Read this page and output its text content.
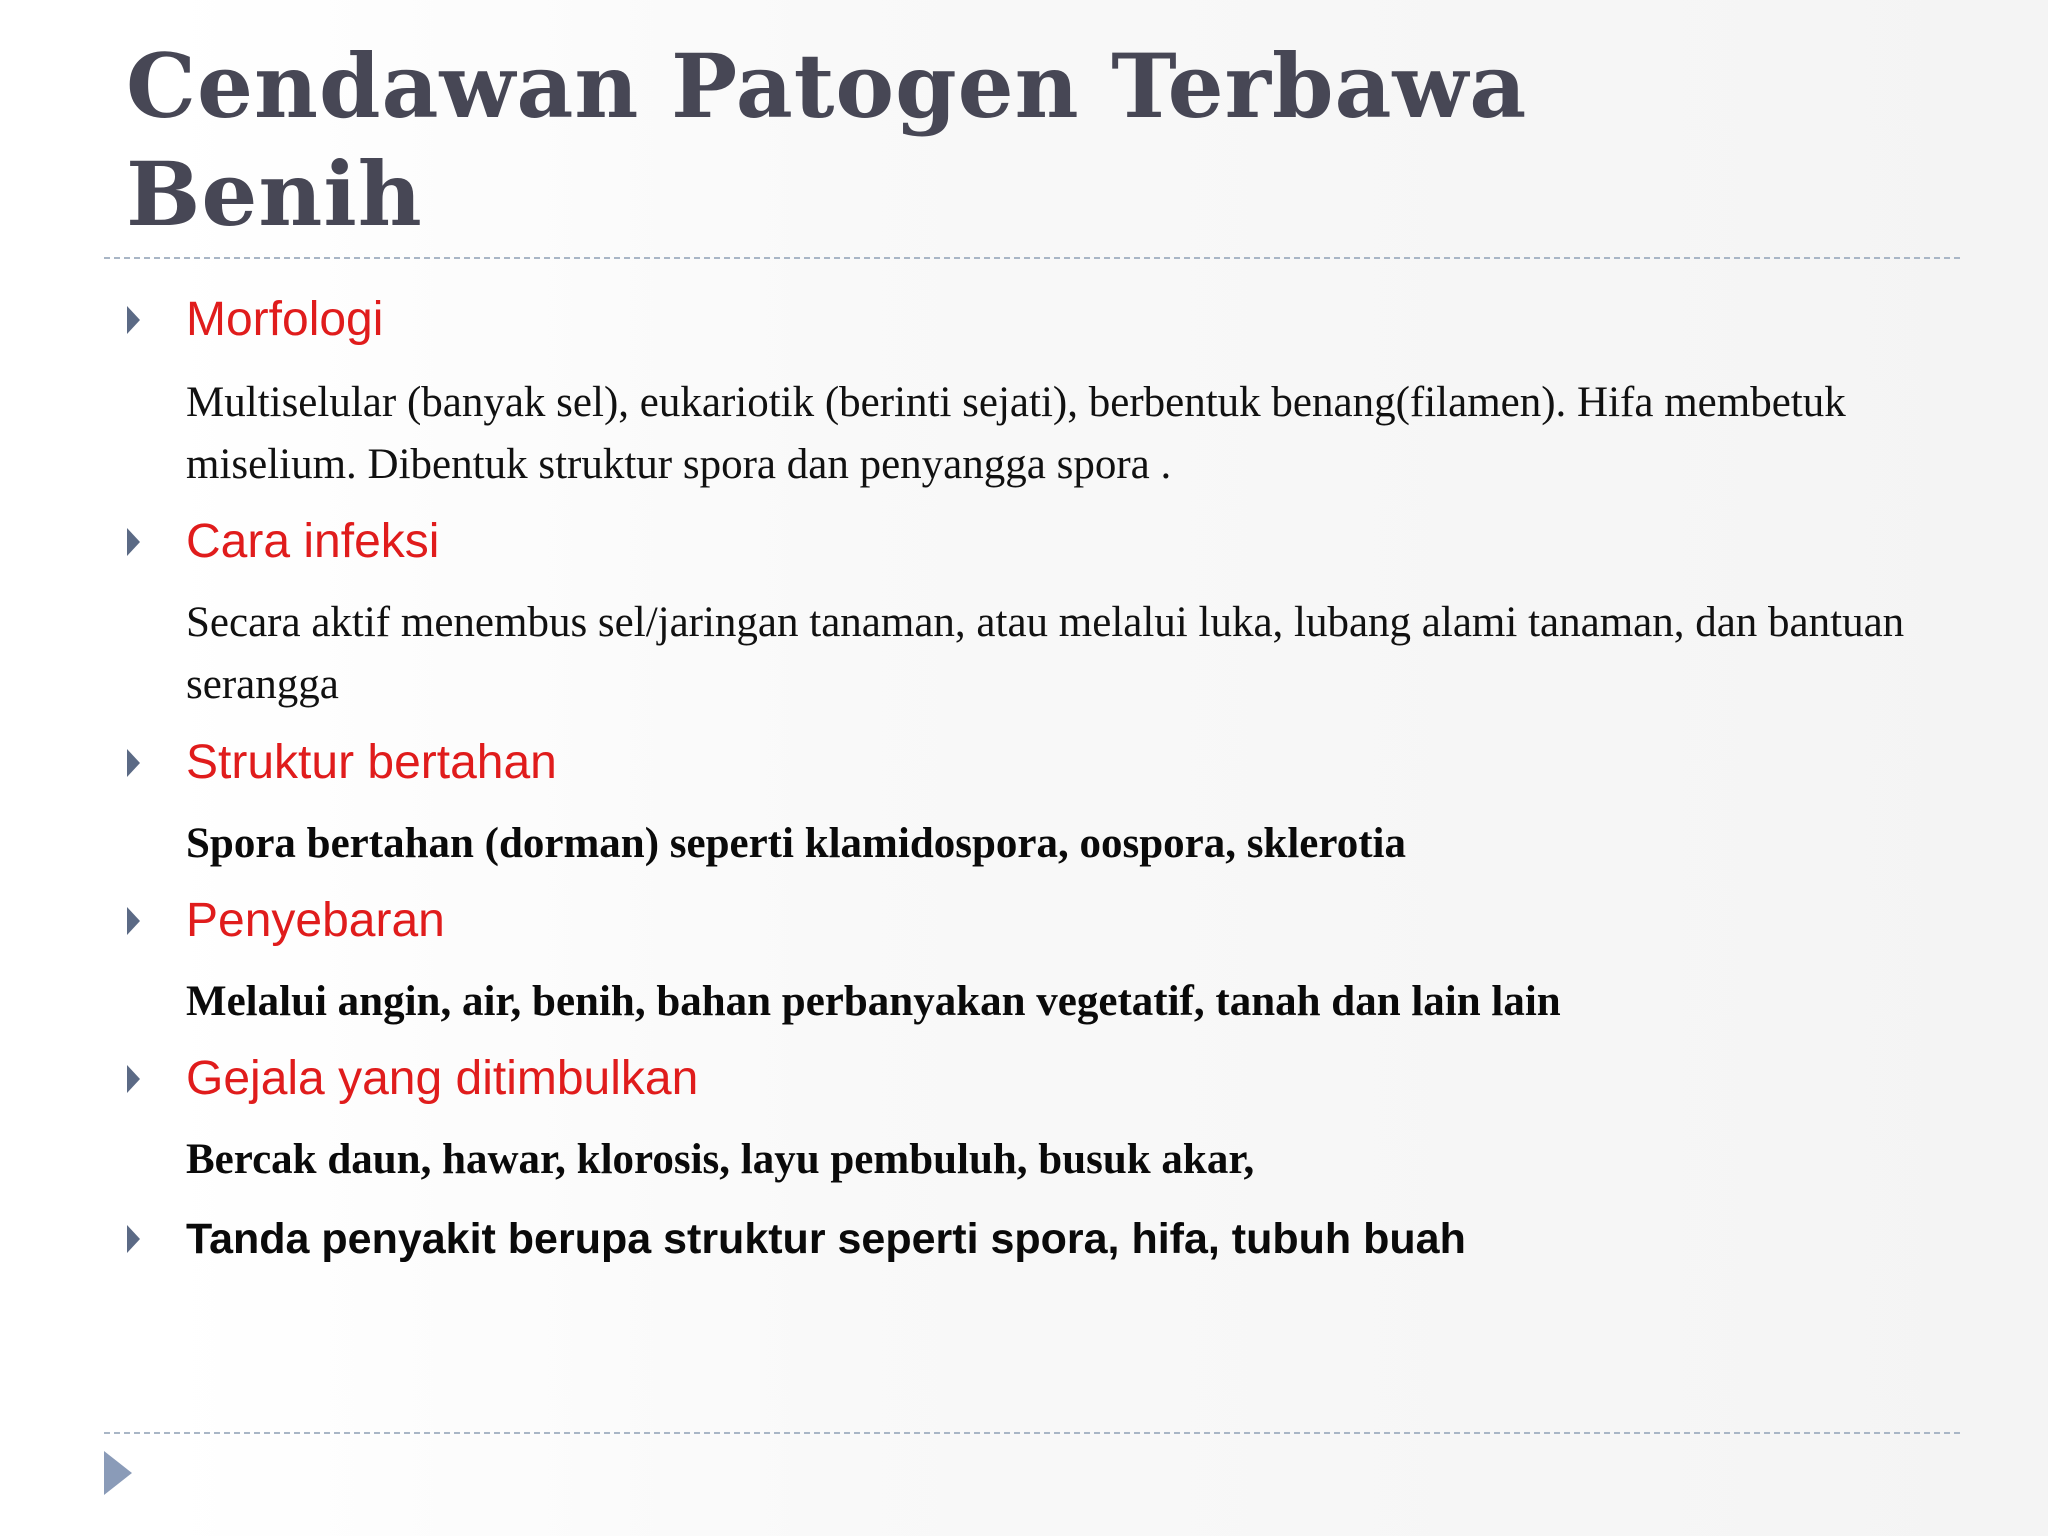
Cendawan Patogen Terbawa
Benih
Morfologi
Multiselular (banyak sel), eukariotik (berinti sejati), berbentuk benang(filamen). Hifa membetuk miselium. Dibentuk struktur spora dan penyangga spora .
Cara infeksi
Secara aktif menembus sel/jaringan tanaman, atau melalui luka, lubang alami tanaman, dan bantuan serangga
Struktur bertahan
Spora bertahan (dorman) seperti klamidospora, oospora, sklerotia
Penyebaran
Melalui angin, air, benih, bahan perbanyakan vegetatif, tanah dan lain lain
Gejala yang ditimbulkan
Bercak daun, hawar, klorosis, layu pembuluh, busuk akar,
Tanda penyakit berupa struktur seperti spora, hifa, tubuh buah
